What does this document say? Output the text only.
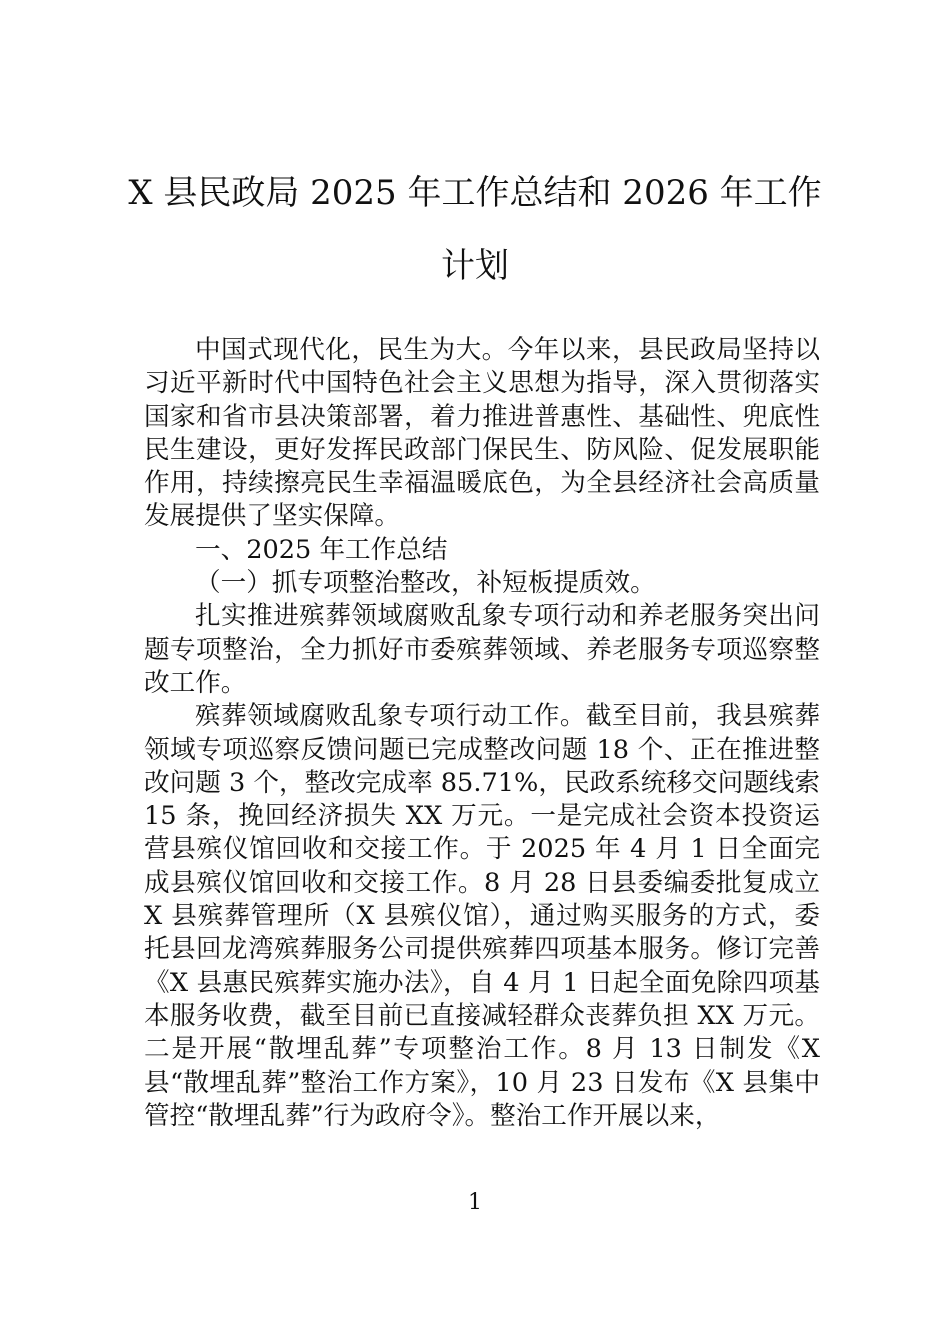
X 县民政局 2025 年工作总结和 2026 年工作
计划

中国式现代化，民生为大。今年以来，县民政局坚持以习近平新时代中国特色社会主义思想为指导，深入贯彻落实国家和省市县决策部署，着力推进普惠性、基础性、兜底性民生建设，更好发挥民政部门保民生、防风险、促发展职能作用，持续擦亮民生幸福温暖底色，为全县经济社会高质量发展提供了坚实保障。

一、2025 年工作总结

（一）抓专项整治整改，补短板提质效。

扎实推进殡葬领域腐败乱象专项行动和养老服务突出问题专项整治，全力抓好市委殡葬领域、养老服务专项巡察整改工作。

殡葬领域腐败乱象专项行动工作。截至目前，我县殡葬领域专项巡察反馈问题已完成整改问题 18 个、正在推进整改问题 3 个，整改完成率 85.71%，民政系统移交问题线索 15 条，挽回经济损失 XX 万元。一是完成社会资本投资运营县殡仪馆回收和交接工作。于 2025 年 4 月 1 日全面完成县殡仪馆回收和交接工作。8 月 28 日县委编委批复成立 X 县殡葬管理所（X 县殡仪馆），通过购买服务的方式，委托县回龙湾殡葬服务公司提供殡葬四项基本服务。修订完善《X 县惠民殡葬实施办法》，自 4 月 1 日起全面免除四项基本服务收费，截至目前已直接减轻群众丧葬负担 XX 万元。二是开展“散埋乱葬”专项整治工作。8 月 13 日制发《X 县“散埋乱葬”整治工作方案》，10 月 23 日发布《X 县集中管控“散埋乱葬”行为政府令》。整治工作开展以来，

1
